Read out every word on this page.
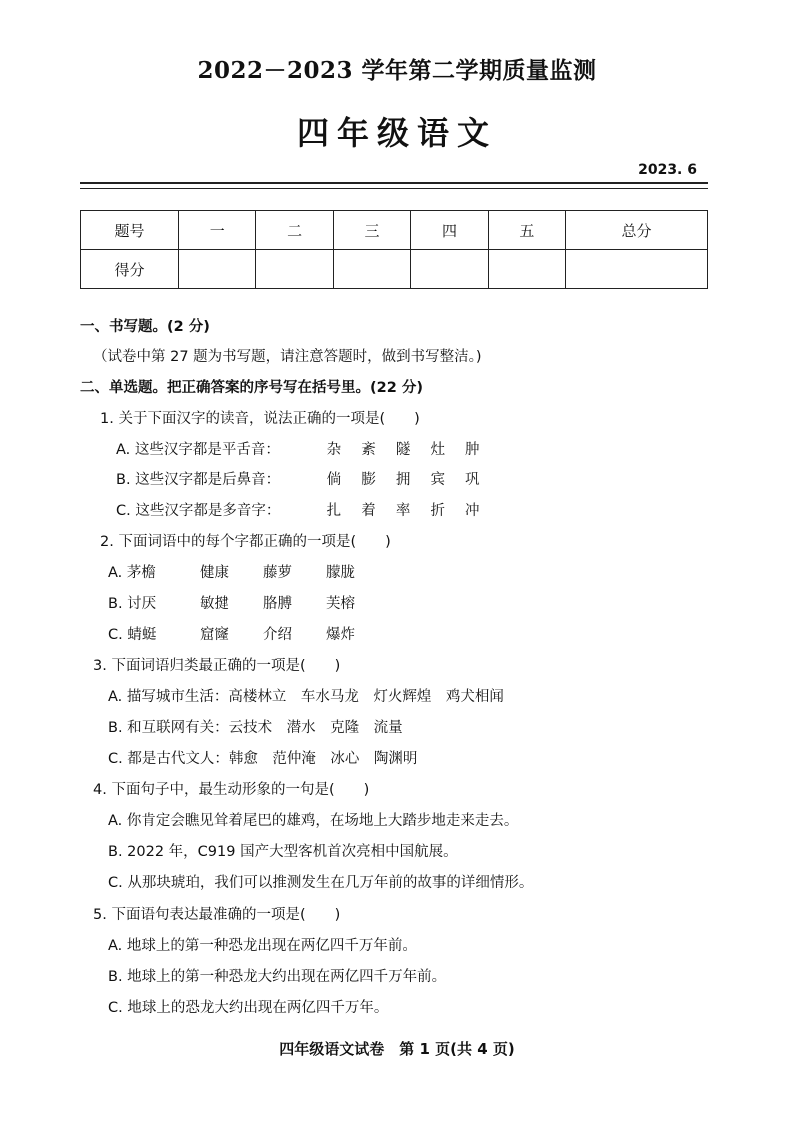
2022－2023 学年第二学期质量监测
四年级语文
2023. 6
题号	一	二	三	四	五	总分
得分						
一、书写题。(2 分)
（试卷中第 27 题为书写题，请注意答题时，做到书写整洁。)
二、单选题。把正确答案的序号写在括号里。(22 分)
1. 关于下面汉字的读音，说法正确的一项是(　　)
A. 这些汉字都是平舌音：	杂 紊 隧 灶 肿
B. 这些汉字都是后鼻音：	倘 膨 拥 宾 巩
C. 这些汉字都是多音字：	扎 着 率 折 冲
2. 下面词语中的每个字都正确的一项是(　　)
A. 茅檐	健康 藤萝 朦胧
B. 讨厌	敏揵 胳膊 芙榕
C. 蜻蜓	窟窿 介绍 爆炸
3. 下面词语归类最正确的一项是(　　)
A. 描写城市生活：高楼林立　车水马龙　灯火辉煌　鸡犬相闻
B. 和互联网有关：云技术　潜水　克隆　流量
C. 都是古代文人：韩愈　范仲淹　冰心　陶渊明
4. 下面句子中，最生动形象的一句是(　　)
A. 你肯定会瞧见耸着尾巴的雄鸡，在场地上大踏步地走来走去。
B. 2022 年，C919 国产大型客机首次亮相中国航展。
C. 从那块琥珀，我们可以推测发生在几万年前的故事的详细情形。
5. 下面语句表达最准确的一项是(　　)
A. 地球上的第一种恐龙出现在两亿四千万年前。
B. 地球上的第一种恐龙大约出现在两亿四千万年前。
C. 地球上的恐龙大约出现在两亿四千万年。
四年级语文试卷　第 1 页(共 4 页)
